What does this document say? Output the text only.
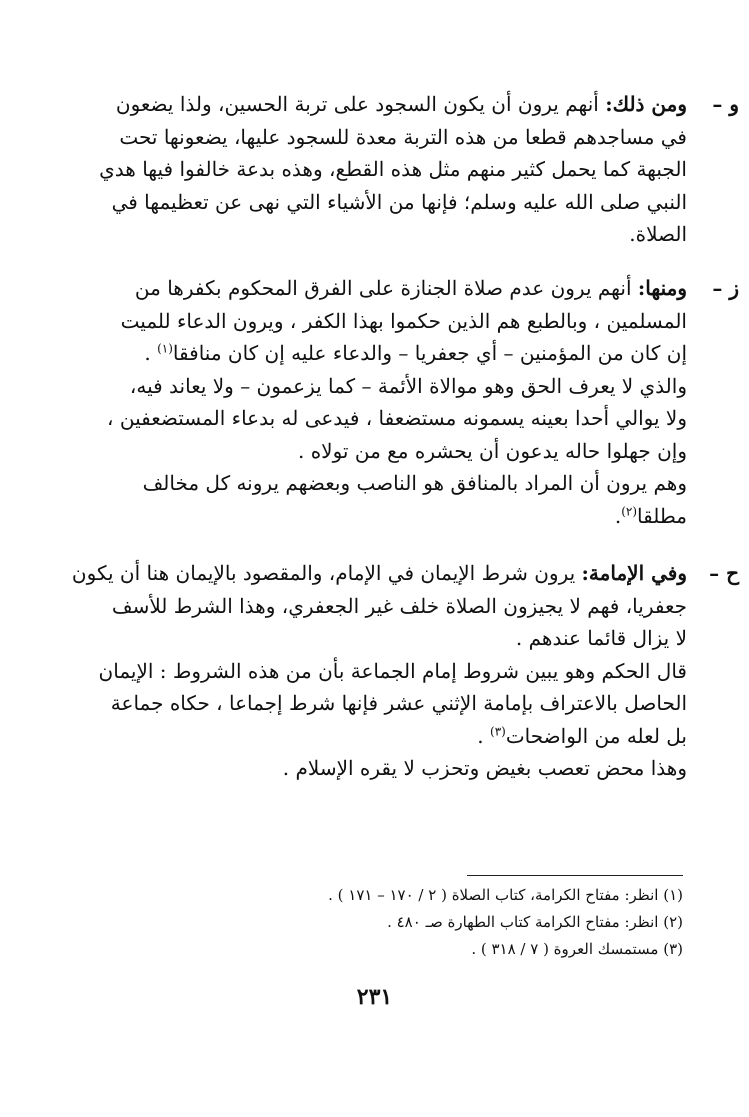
و –
ومن ذلك: أنهم يرون أن يكون السجود على تربة الحسين، ولذا يضعون
في مساجدهم قطعا من هذه التربة معدة للسجود عليها، يضعونها تحت
الجبهة كما يحمل كثير منهم مثل هذه القطع، وهذه بدعة خالفوا فيها هدي
النبي صلى الله عليه وسلم؛ فإنها من الأشياء التي نهى عن تعظيمها في
الصلاة.
ز –
ومنها: أنهم يرون عدم صلاة الجنازة على الفرق المحكوم بكفرها من
المسلمين ، وبالطبع هم الذين حكموا بهذا الكفر ، ويرون الدعاء للميت
إن كان من المؤمنين – أي جعفريا – والدعاء عليه إن كان منافقا$^{(١)}$ .
والذي لا يعرف الحق وهو موالاة الأئمة – كما يزعمون – ولا يعاند فيه،
ولا يوالي أحدا بعينه يسمونه مستضعفا ، فيدعى له بدعاء المستضعفين ،
وإن جهلوا حاله يدعون أن يحشره مع من تولاه .
وهم يرون أن المراد بالمنافق هو الناصب وبعضهم يرونه كل مخالف
مطلقا$^{(٢)}$.
ح –
وفي الإمامة: يرون شرط الإيمان في الإمام، والمقصود بالإيمان هنا أن يكون
جعفريا، فهم لا يجيزون الصلاة خلف غير الجعفري، وهذا الشرط للأسف
لا يزال قائما عندهم .
قال الحكم وهو يبين شروط إمام الجماعة بأن من هذه الشروط : الإيمان
الحاصل بالاعتراف بإمامة الإثني عشر فإنها شرط إجماعا ، حكاه جماعة
بل لعله من الواضحات$^{(٣)}$ .
وهذا محض تعصب بغيض وتحزب لا يقره الإسلام .
(١) انظر: مفتاح الكرامة، كتاب الصلاة ( ٢ / ١٧٠ – ١٧١ ) .
(٢) انظر: مفتاح الكرامة كتاب الطهارة صـ ٤٨٠ .
(٣) مستمسك العروة ( ٧ / ٣١٨ ) .
٢٣١
